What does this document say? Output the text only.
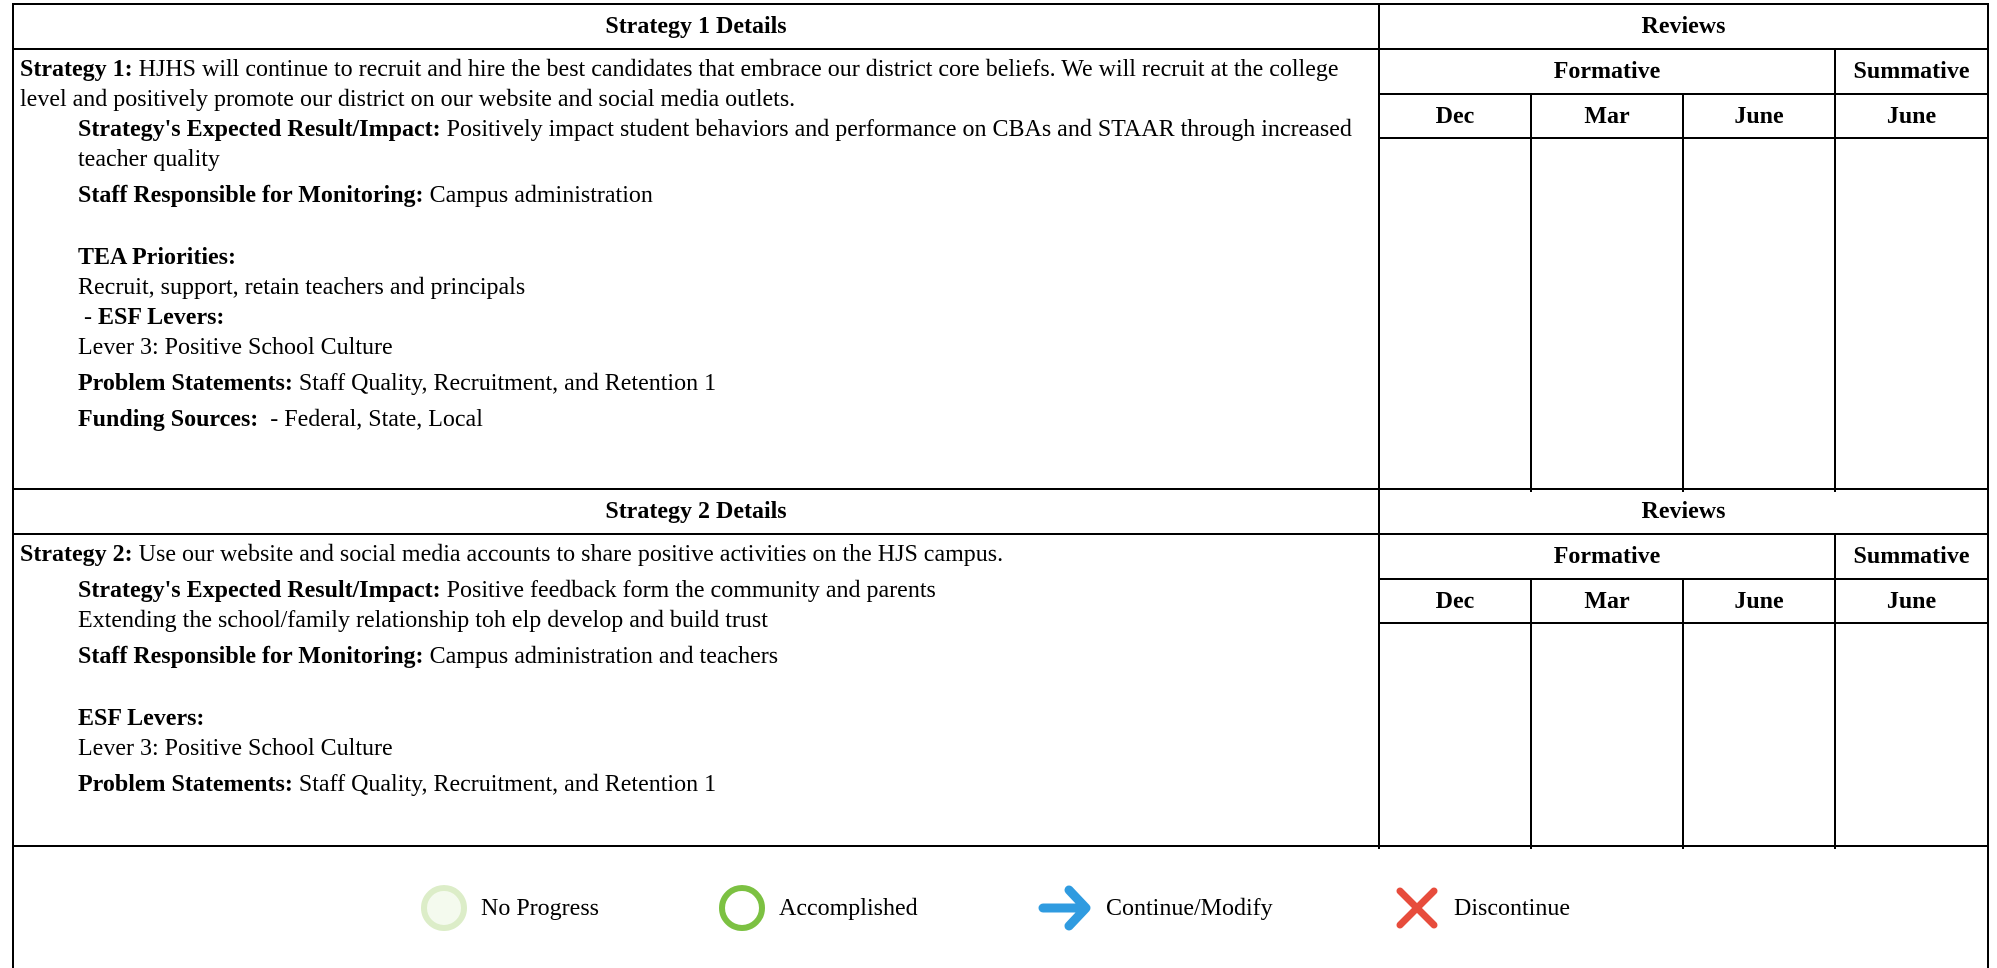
Strategy 1 Details	Reviews

Strategy 1: HJHS will continue to recruit and hire the best candidates that embrace our district core beliefs. We will recruit at the college level and positively promote our district on our website and social media outlets.

Strategy's Expected Result/Impact: Positively impact student behaviors and performance on CBAs and STAAR through increased teacher quality

Staff Responsible for Monitoring: Campus administration

TEA Priorities:

Recruit, support, retain teachers and principals

- ESF Levers:

Lever 3: Positive School Culture

Problem Statements: Staff Quality, Recruitment, and Retention 1

Funding Sources:  - Federal, State, Local

Formative	Summative
Dec	Mar	June	June
Strategy 2 Details	Reviews

Strategy 2: Use our website and social media accounts to share positive activities on the HJS campus.

Strategy's Expected Result/Impact: Positive feedback form the community and parents

Extending the school/family relationship toh elp develop and build trust

Staff Responsible for Monitoring: Campus administration and teachers

ESF Levers:

Lever 3: Positive School Culture

Problem Statements: Staff Quality, Recruitment, and Retention 1

Formative	Summative
Dec	Mar	June	June
No Progress	Accomplished	Continue/Modify	Discontinue
